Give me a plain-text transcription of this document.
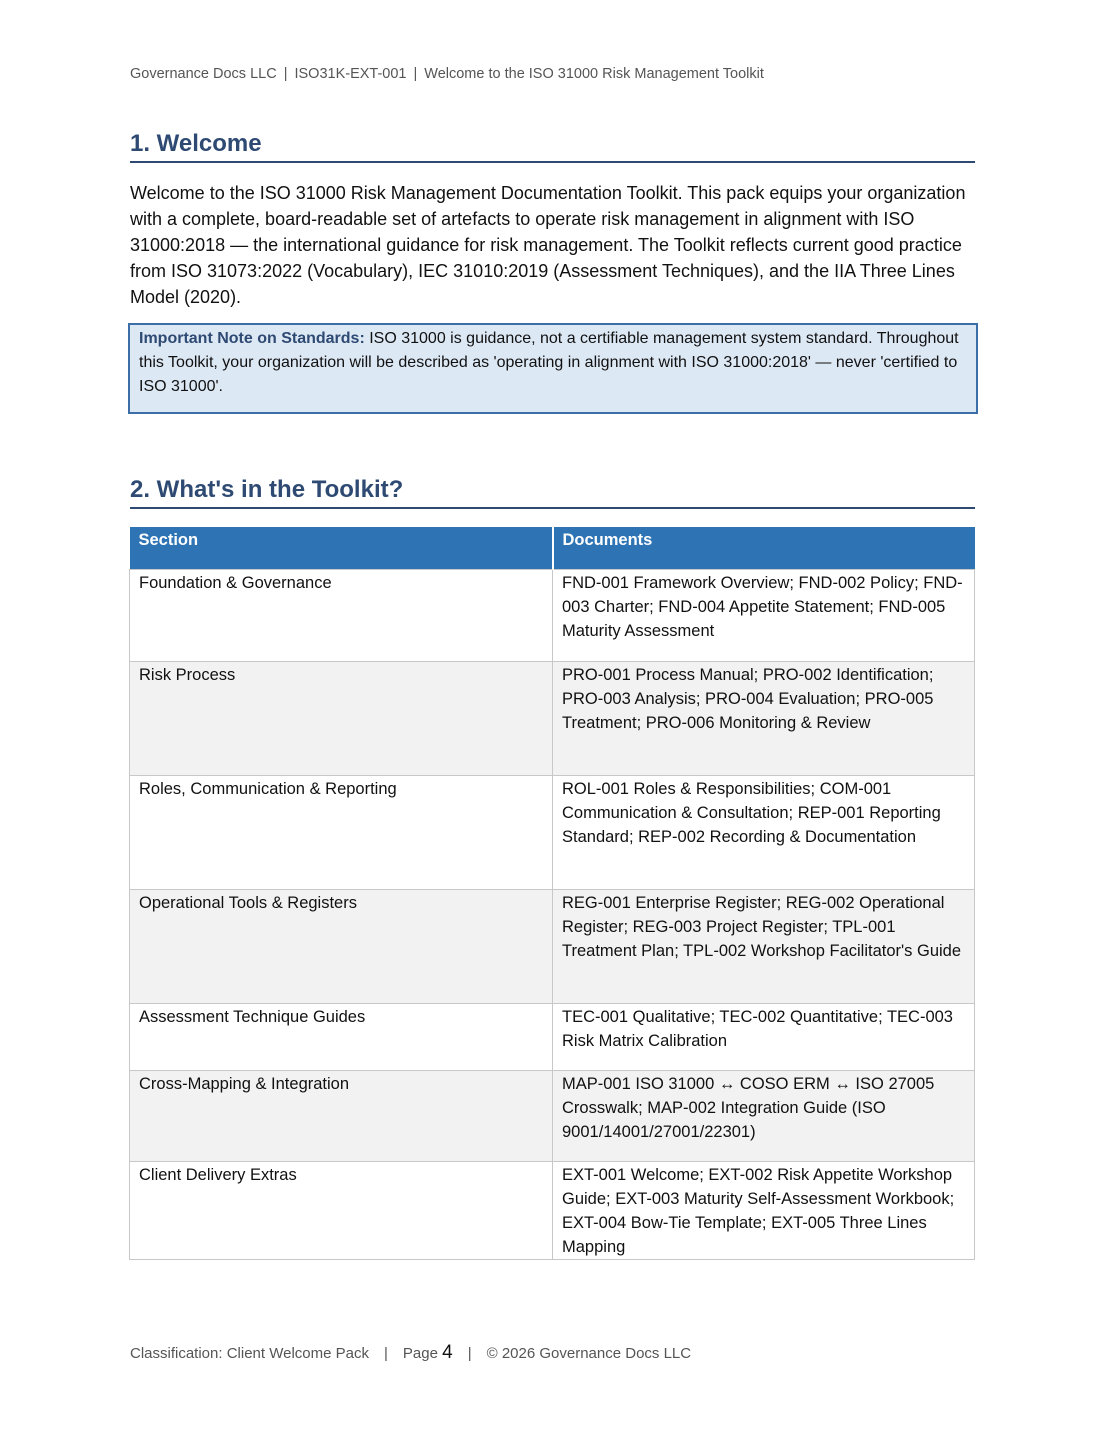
Governance Docs LLC | ISO31K-EXT-001 | Welcome to the ISO 31000 Risk Management Toolkit
1. Welcome

Welcome to the ISO 31000 Risk Management Documentation Toolkit. This pack equips your organization with a complete, board-readable set of artefacts to operate risk management in alignment with ISO 31000:2018 — the international guidance for risk management. The Toolkit reflects current good practice from ISO 31073:2022 (Vocabulary), IEC 31010:2019 (Assessment Techniques), and the IIA Three Lines Model (2020).

Important Note on Standards: ISO 31000 is guidance, not a certifiable management system standard. Throughout this Toolkit, your organization will be described as 'operating in alignment with ISO 31000:2018' — never 'certified to ISO 31000'.
2. What's in the Toolkit?
Section	Documents
Foundation & Governance	FND-001 Framework Overview; FND-002 Policy; FND-003 Charter; FND-004 Appetite Statement; FND-005 Maturity Assessment
Risk Process	PRO-001 Process Manual; PRO-002 Identification; PRO-003 Analysis; PRO-004 Evaluation; PRO-005 Treatment; PRO-006 Monitoring & Review
Roles, Communication & Reporting	ROL-001 Roles & Responsibilities; COM-001 Communication & Consultation; REP-001 Reporting Standard; REP-002 Recording & Documentation
Operational Tools & Registers	REG-001 Enterprise Register; REG-002 Operational Register; REG-003 Project Register; TPL-001 Treatment Plan; TPL-002 Workshop Facilitator's Guide
Assessment Technique Guides	TEC-001 Qualitative; TEC-002 Quantitative; TEC-003 Risk Matrix Calibration
Cross-Mapping & Integration	MAP-001 ISO 31000 ↔ COSO ERM ↔ ISO 27005 Crosswalk; MAP-002 Integration Guide (ISO 9001/14001/27001/22301)
Client Delivery Extras	EXT-001 Welcome; EXT-002 Risk Appetite Workshop Guide; EXT-003 Maturity Self-Assessment Workbook; EXT-004 Bow-Tie Template; EXT-005 Three Lines Mapping
Classification: Client Welcome Pack | Page 4 | © 2026 Governance Docs LLC
